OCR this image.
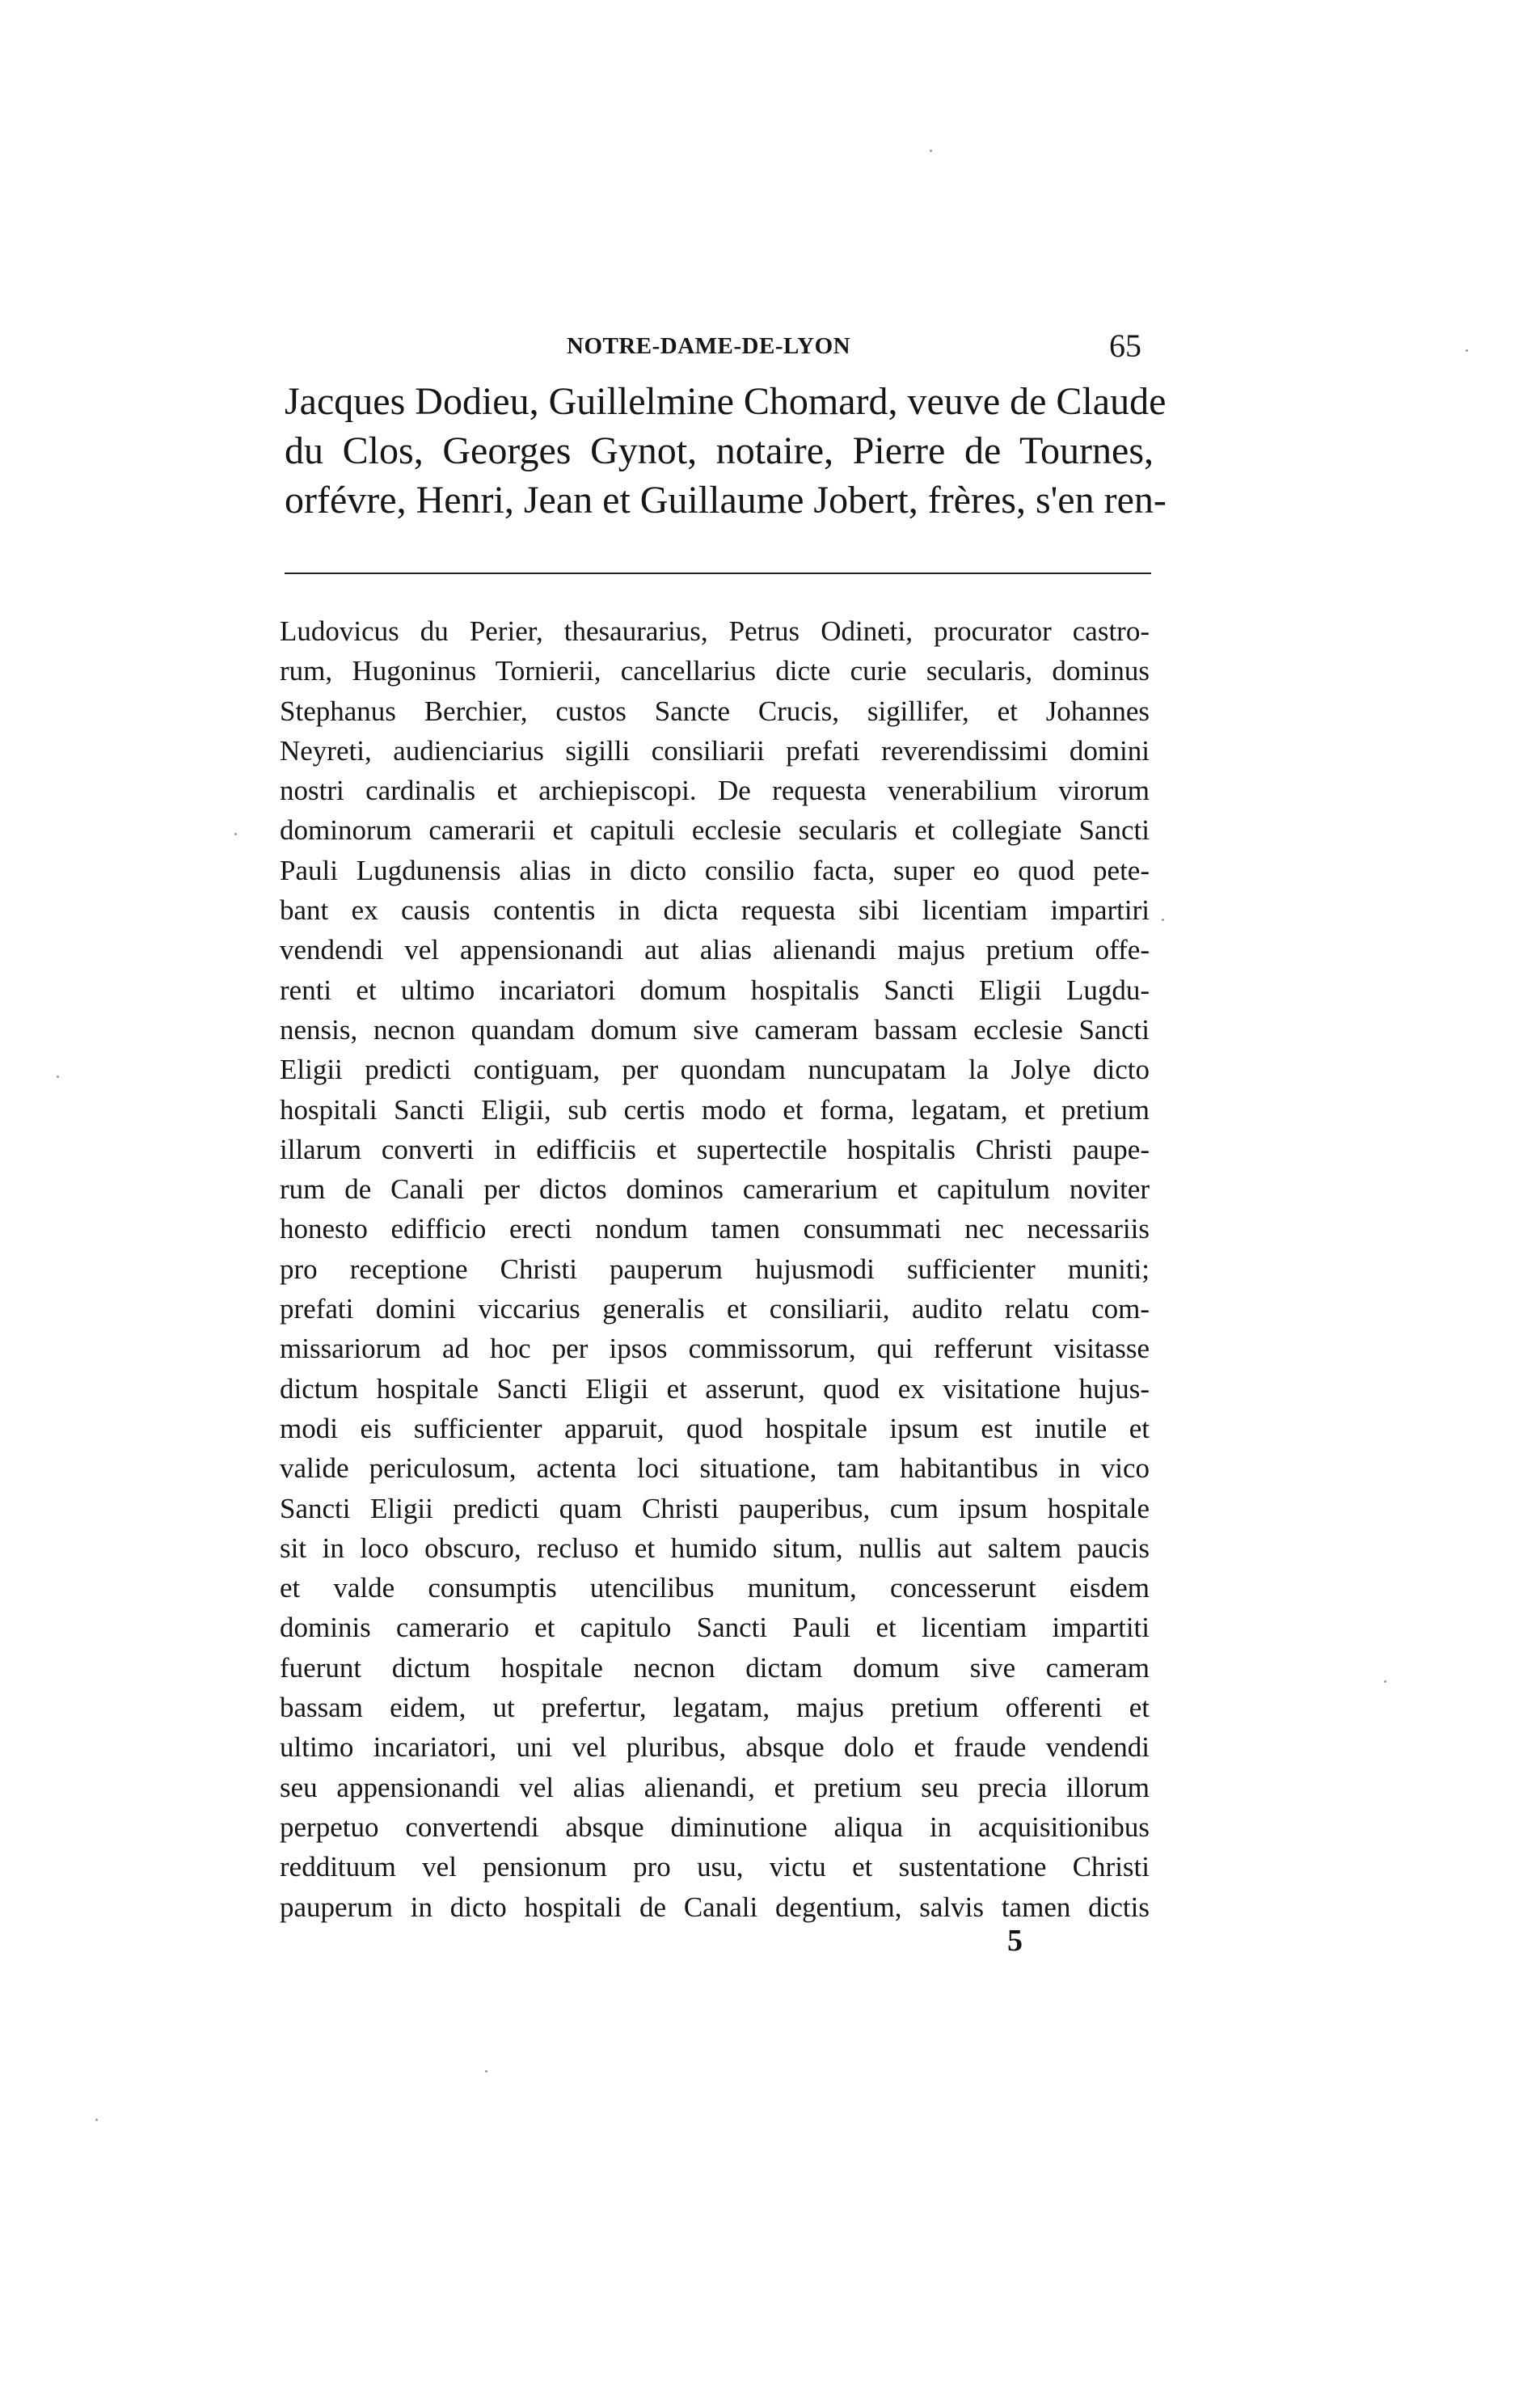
NOTRE-DAME-DE-LYON	65
Jacques Dodieu, Guillelmine Chomard, veuve de Claude
du Clos, Georges Gynot, notaire, Pierre de Tournes,
orfévre, Henri, Jean et Guillaume Jobert, frères, s'en ren-
Ludovicus du Perier, thesaurarius, Petrus Odineti, procurator castro-
rum, Hugoninus Tornierii, cancellarius dicte curie secularis, dominus
Stephanus Berchier, custos Sancte Crucis, sigillifer, et Johannes
Neyreti, audienciarius sigilli consiliarii prefati reverendissimi domini
nostri cardinalis et archiepiscopi. De requesta venerabilium virorum
dominorum camerarii et capituli ecclesie secularis et collegiate Sancti
Pauli Lugdunensis alias in dicto consilio facta, super eo quod pete-
bant ex causis contentis in dicta requesta sibi licentiam impartiri
vendendi vel appensionandi aut alias alienandi majus pretium offe-
renti et ultimo incariatori domum hospitalis Sancti Eligii Lugdu-
nensis, necnon quandam domum sive cameram bassam ecclesie Sancti
Eligii predicti contiguam, per quondam nuncupatam la Jolye dicto
hospitali Sancti Eligii, sub certis modo et forma, legatam, et pretium
illarum converti in edifficiis et supertectile hospitalis Christi paupe-
rum de Canali per dictos dominos camerarium et capitulum noviter
honesto edifficio erecti nondum tamen consummati nec necessariis
pro receptione Christi pauperum hujusmodi sufficienter muniti;
prefati domini viccarius generalis et consiliarii, audito relatu com-
missariorum ad hoc per ipsos commissorum, qui refferunt visitasse
dictum hospitale Sancti Eligii et asserunt, quod ex visitatione hujus-
modi eis sufficienter apparuit, quod hospitale ipsum est inutile et
valide periculosum, actenta loci situatione, tam habitantibus in vico
Sancti Eligii predicti quam Christi pauperibus, cum ipsum hospitale
sit in loco obscuro, recluso et humido situm, nullis aut saltem paucis
et valde consumptis utencilibus munitum, concesserunt eisdem
dominis camerario et capitulo Sancti Pauli et licentiam impartiti
fuerunt dictum hospitale necnon dictam domum sive cameram
bassam eidem, ut prefertur, legatam, majus pretium offerenti et
ultimo incariatori, uni vel pluribus, absque dolo et fraude vendendi
seu appensionandi vel alias alienandi, et pretium seu precia illorum
perpetuo convertendi absque diminutione aliqua in acquisitionibus
reddituum vel pensionum pro usu, victu et sustentatione Christi
pauperum in dicto hospitali de Canali degentium, salvis tamen dictis
5
